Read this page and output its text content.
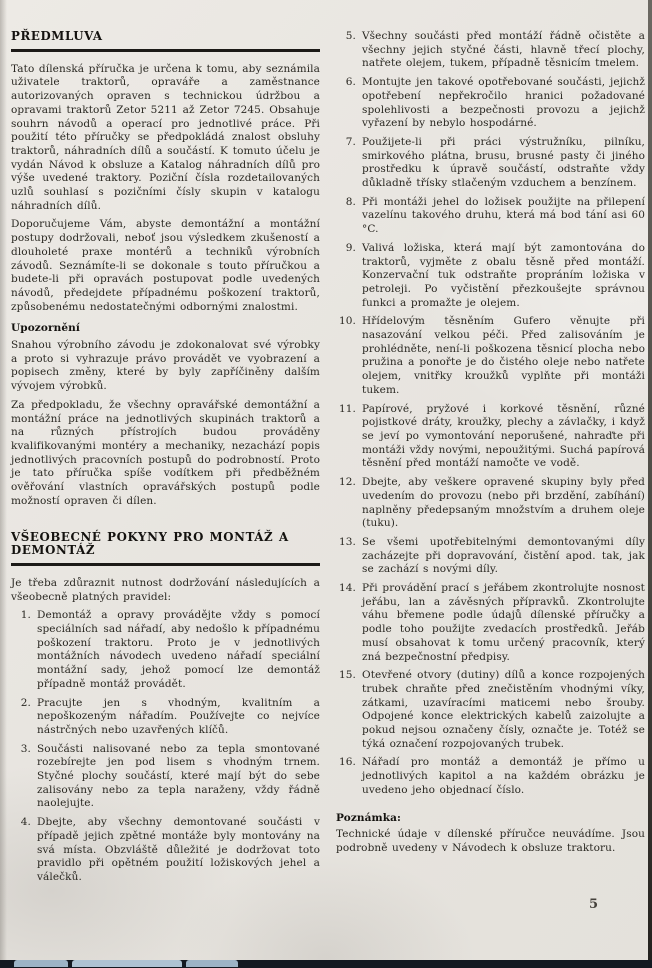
PŘEDMLUVA

Tato dílenská příručka je určena k tomu, aby seznámila uživatele traktorů, opraváře a zaměstnance autorizovaných opraven s technickou údržbou a opravami traktorů Zetor 5211 až Zetor 7245. Obsahuje souhrn návodů a operací pro jednotlivé práce. Při použití této příručky se předpokládá znalost obsluhy traktorů, náhradních dílů a součástí. K tomuto účelu je vydán Návod k obsluze a Katalog náhradních dílů pro výše uvedené traktory. Poziční čísla rozdetailovaných uzlů souhlasí s pozičními čísly skupin v katalogu náhradních dílů.

Doporučujeme Vám, abyste demontážní a montážní postupy dodržovali, neboť jsou výsledkem zkušeností a dlouholeté praxe montérů a techniků výrobních závodů. Seznámíte-li se dokonale s touto příručkou a budete-li při opravách postupovat podle uvedených návodů, předejdete případnému poškození traktorů, způsobenému nedostatečnými odbornými znalostmi.

Upozornění

Snahou výrobního závodu je zdokonalovat své výrobky a proto si vyhrazuje právo provádět ve vyobrazení a popisech změny, které by byly zapříčiněny dalším vývojem výrobků.

Za předpokladu, že všechny opravářské demontážní a montážní práce na jednotlivých skupinách traktorů a na různých přístrojích budou prováděny kvalifikovanými montéry a mechaniky, nezachází popis jednotlivých pracovních postupů do podrobností. Proto je tato příručka spíše vodítkem při předběžném ověřování vlastních opravářských postupů podle možností opraven či dílen.

VŠEOBECNÉ POKYNY PRO MONTÁŽ A DEMONTÁŽ

Je třeba zdůraznit nutnost dodržování následujících a všeobecně platných pravidel:

1. Demontáž a opravy provádějte vždy s pomocí speciálních sad nářadí, aby nedošlo k případnému poškození traktoru. Proto je v jednotlivých montážních návodech uvedeno nářadí speciální montážní sady, jehož pomocí lze demontáž případně montáž provádět.
2. Pracujte jen s vhodným, kvalitním a nepoškozeným nářadím. Používejte co nejvíce nástrčných nebo uzavřených klíčů.
3. Součásti nalisované nebo za tepla smontované rozebírejte jen pod lisem s vhodným trnem. Styčné plochy součástí, které mají být do sebe zalisovány nebo za tepla naraženy, vždy řádně naolejujte.
4. Dbejte, aby všechny demontované součásti v případě jejich zpětné montáže byly montovány na svá místa. Obzvláště důležité je dodržovat toto pravidlo při opětném použití ložiskových jehel a válečků.
5. Všechny součásti před montáží řádně očistěte a všechny jejich styčné části, hlavně třecí plochy, natřete olejem, tukem, případně těsnicím tmelem.
6. Montujte jen takové opotřebované součásti, jejichž opotřebení nepřekročilo hranici požadované spolehlivosti a bezpečnosti provozu a jejichž vyřazení by nebylo hospodárné.
7. Použijete-li při práci výstružníku, pilníku, smirkového plátna, brusu, brusné pasty či jiného prostředku k úpravě součástí, odstraňte vždy důkladně třísky stlačeným vzduchem a benzínem.
8. Při montáži jehel do ložisek použijte na přilepení vazelínu takového druhu, která má bod tání asi 60 °C.
9. Valivá ložiska, která mají být zamontována do traktorů, vyjměte z obalu těsně před montáží. Konzervační tuk odstraňte propráním ložiska v petroleji. Po vyčistění přezkoušejte správnou funkci a promažte je olejem.
10. Hřídelovým těsněním Gufero věnujte při nasazování velkou péči. Před zalisováním je prohlédněte, není-li poškozena těsnicí plocha nebo pružina a ponořte je do čistého oleje nebo natřete olejem, vnitřky kroužků vyplňte při montáži tukem.
11. Papírové, pryžové i korkové těsnění, různé pojistkové dráty, kroužky, plechy a závlačky, i když se jeví po vymontování neporušené, nahraďte při montáži vždy novými, nepoužitými. Suchá papírová těsnění před montáží namočte ve vodě.
12. Dbejte, aby veškere opravené skupiny byly před uvedením do provozu (nebo při brzdění, zabíhání) naplněny předepsaným množstvím a druhem oleje (tuku).
13. Se všemi upotřebitelnými demontovanými díly zacházejte při dopravování, čistění apod. tak, jak se zachází s novými díly.
14. Při provádění prací s jeřábem zkontrolujte nosnost jeřábu, lan a závěsných přípravků. Zkontrolujte váhu břemene podle údajů dílenské příručky a podle toho použijte zvedacích prostředků. Jeřáb musí obsahovat k tomu určený pracovník, který zná bezpečnostní předpisy.
15. Otevřené otvory (dutiny) dílů a konce rozpojených trubek chraňte před znečistěním vhodnými víky, zátkami, uzavíracími maticemi nebo šrouby. Odpojené konce elektrických kabelů zaizolujte a pokud nejsou označeny čísly, označte je. Totéž se týká označení rozpojovaných trubek.
16. Nářadí pro montáž a demontáž je přímo u jednotlivých kapitol a na každém obrázku je uvedeno jeho objednací číslo.
Poznámka:

Technické údaje v dílenské příručce neuvádíme. Jsou podrobně uvedeny v Návodech k obsluze traktoru.

5
